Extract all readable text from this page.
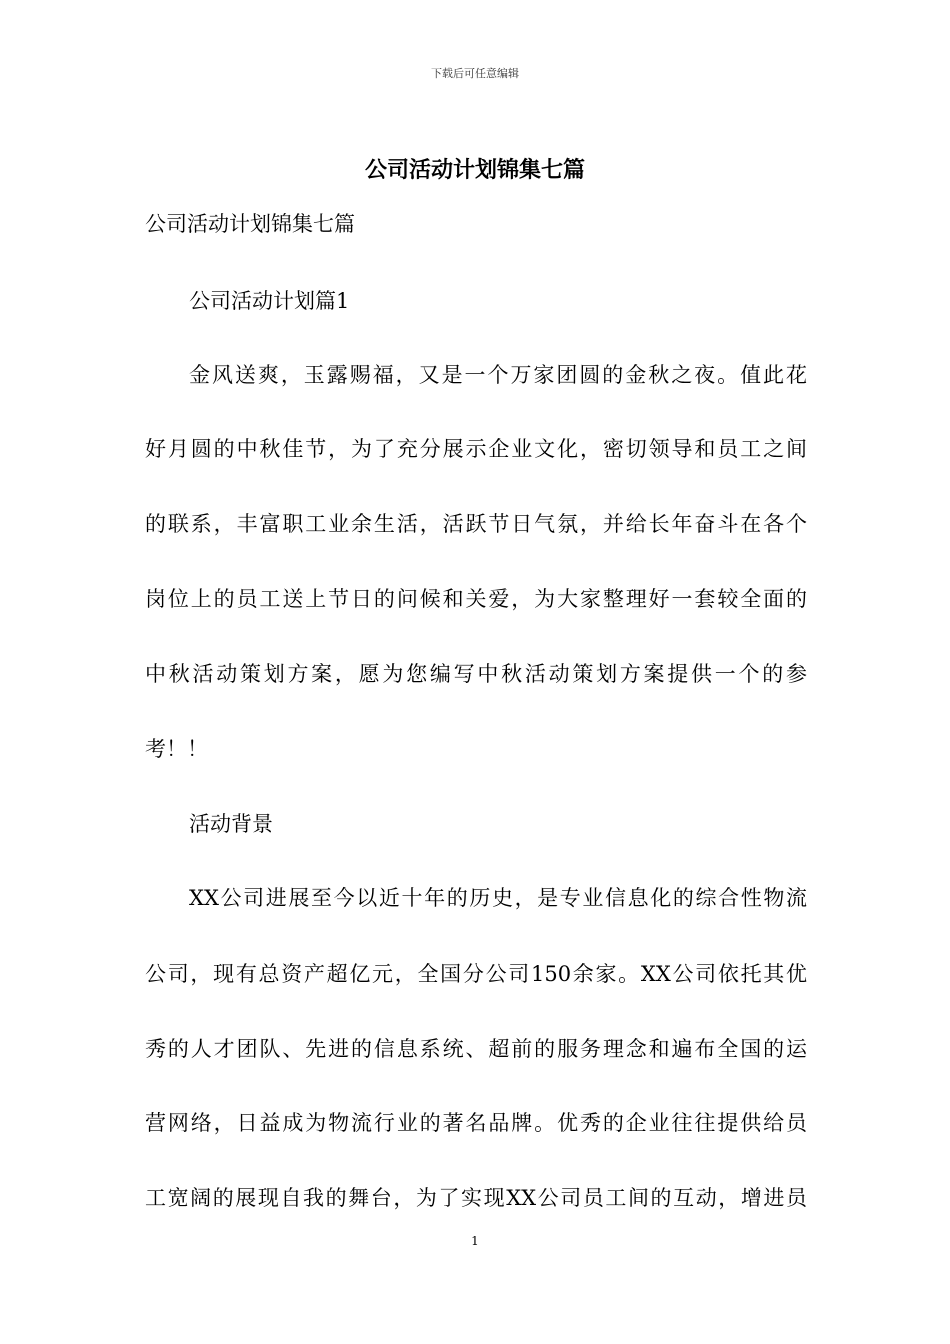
下载后可任意编辑
公司活动计划锦集七篇
公司活动计划锦集七篇
公司活动计划篇1
金风送爽，玉露赐福，又是一个万家团圆的金秋之夜。值此花
好月圆的中秋佳节，为了充分展示企业文化，密切领导和员工之间
的联系，丰富职工业余生活，活跃节日气氛，并给长年奋斗在各个
岗位上的员工送上节日的问候和关爱，为大家整理好一套较全面的
中秋活动策划方案，愿为您编写中秋活动策划方案提供一个的参
考！！
活动背景
XX公司进展至今以近十年的历史，是专业信息化的综合性物流
公司，现有总资产超亿元，全国分公司150余家。XX公司依托其优
秀的人才团队、先进的信息系统、超前的服务理念和遍布全国的运
营网络，日益成为物流行业的著名品牌。优秀的企业往往提供给员
工宽阔的展现自我的舞台，为了实现XX公司员工间的互动，增进员
1
